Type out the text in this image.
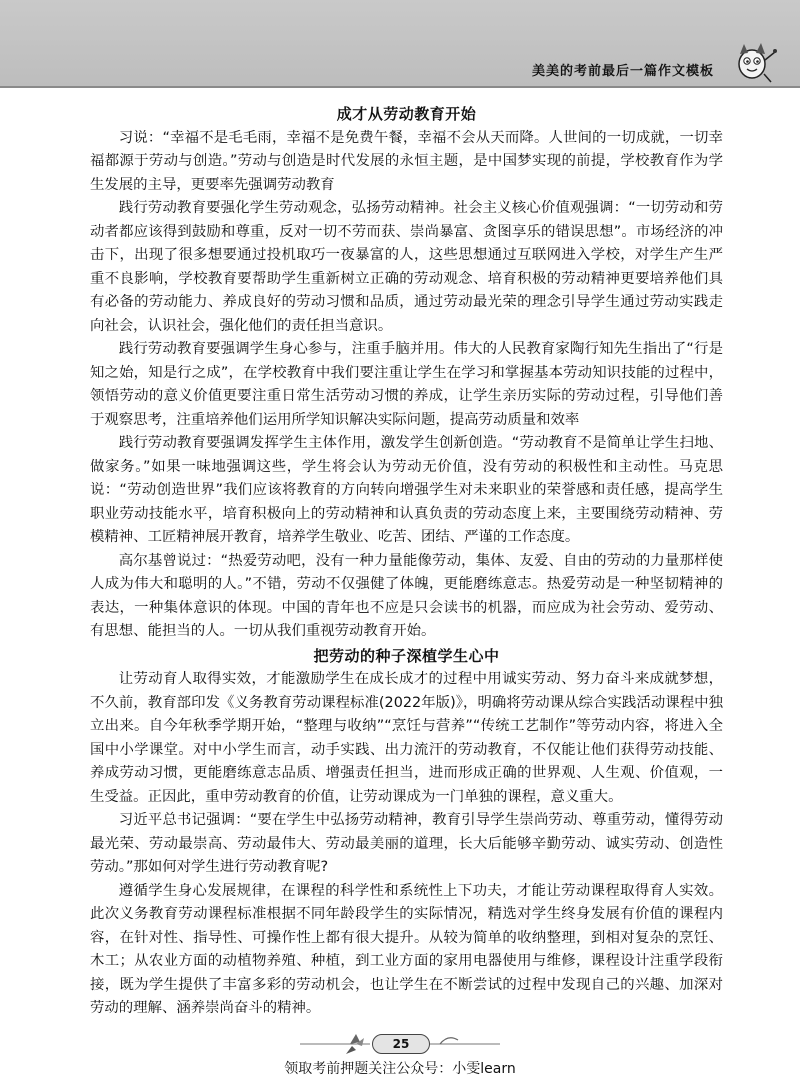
美美的考前最后一篇作文模板
成才从劳动教育开始

习说：“幸福不是毛毛雨，幸福不是免费午餐，幸福不会从天而降。人世间的一切成就，一切幸福都源于劳动与创造。”劳动与创造是时代发展的永恒主题，是中国梦实现的前提，学校教育作为学生发展的主导，更要率先强调劳动教育

践行劳动教育要强化学生劳动观念，弘扬劳动精神。社会主义核心价值观强调：“一切劳动和劳动者都应该得到鼓励和尊重，反对一切不劳而获、崇尚暴富、贪图享乐的错误思想”。市场经济的冲击下，出现了很多想要通过投机取巧一夜暴富的人，这些思想通过互联网进入学校，对学生产生严重不良影响，学校教育要帮助学生重新树立正确的劳动观念、培育积极的劳动精神更要培养他们具有必备的劳动能力、养成良好的劳动习惯和品质，通过劳动最光荣的理念引导学生通过劳动实践走向社会，认识社会，强化他们的责任担当意识。

践行劳动教育要强调学生身心参与，注重手脑并用。伟大的人民教育家陶行知先生指出了“行是知之始，知是行之成”，在学校教育中我们要注重让学生在学习和掌握基本劳动知识技能的过程中，领悟劳动的意义价值更要注重日常生活劳动习惯的养成，让学生亲历实际的劳动过程，引导他们善于观察思考，注重培养他们运用所学知识解决实际问题，提高劳动质量和效率

践行劳动教育要强调发挥学生主体作用，激发学生创新创造。“劳动教育不是简单让学生扫地、做家务。”如果一味地强调这些，学生将会认为劳动无价值，没有劳动的积极性和主动性。马克思说：“劳动创造世界”我们应该将教育的方向转向增强学生对未来职业的荣誉感和责任感，提高学生职业劳动技能水平，培育积极向上的劳动精神和认真负责的劳动态度上来，主要围绕劳动精神、劳模精神、工匠精神展开教育，培养学生敬业、吃苦、团结、严谨的工作态度。

高尔基曾说过：“热爱劳动吧，没有一种力量能像劳动，集体、友爱、自由的劳动的力量那样使人成为伟大和聪明的人。”不错，劳动不仅强健了体魄，更能磨练意志。热爱劳动是一种坚韧精神的表达，一种集体意识的体现。中国的青年也不应是只会读书的机器，而应成为社会劳动、爱劳动、有思想、能担当的人。一切从我们重视劳动教育开始。

把劳动的种子深植学生心中

让劳动育人取得实效，才能激励学生在成长成才的过程中用诚实劳动、努力奋斗来成就梦想，不久前，教育部印发《义务教育劳动课程标准(2022年版)》，明确将劳动课从综合实践活动课程中独立出来。自今年秋季学期开始，“整理与收纳”“烹饪与营养”“传统工艺制作”等劳动内容，将进入全国中小学课堂。对中小学生而言，动手实践、出力流汗的劳动教育，不仅能让他们获得劳动技能、养成劳动习惯，更能磨练意志品质、增强责任担当，进而形成正确的世界观、人生观、价值观，一生受益。正因此，重申劳动教育的价值，让劳动课成为一门单独的课程，意义重大。

习近平总书记强调：“要在学生中弘扬劳动精神，教育引导学生崇尚劳动、尊重劳动，懂得劳动最光荣、劳动最崇高、劳动最伟大、劳动最美丽的道理，长大后能够辛勤劳动、诚实劳动、创造性劳动。”那如何对学生进行劳动教育呢?

遵循学生身心发展规律，在课程的科学性和系统性上下功夫，才能让劳动课程取得育人实效。此次义务教育劳动课程标准根据不同年龄段学生的实际情况，精选对学生终身发展有价值的课程内容，在针对性、指导性、可操作性上都有很大提升。从较为简单的收纳整理，到相对复杂的烹饪、木工；从农业方面的动植物养殖、种植，到工业方面的家用电器使用与维修，课程设计注重学段衔接，既为学生提供了丰富多彩的劳动机会，也让学生在不断尝试的过程中发现自己的兴趣、加深对劳动的理解、涵养崇尚奋斗的精神。

25
领取考前押题关注公众号：小雯learn
